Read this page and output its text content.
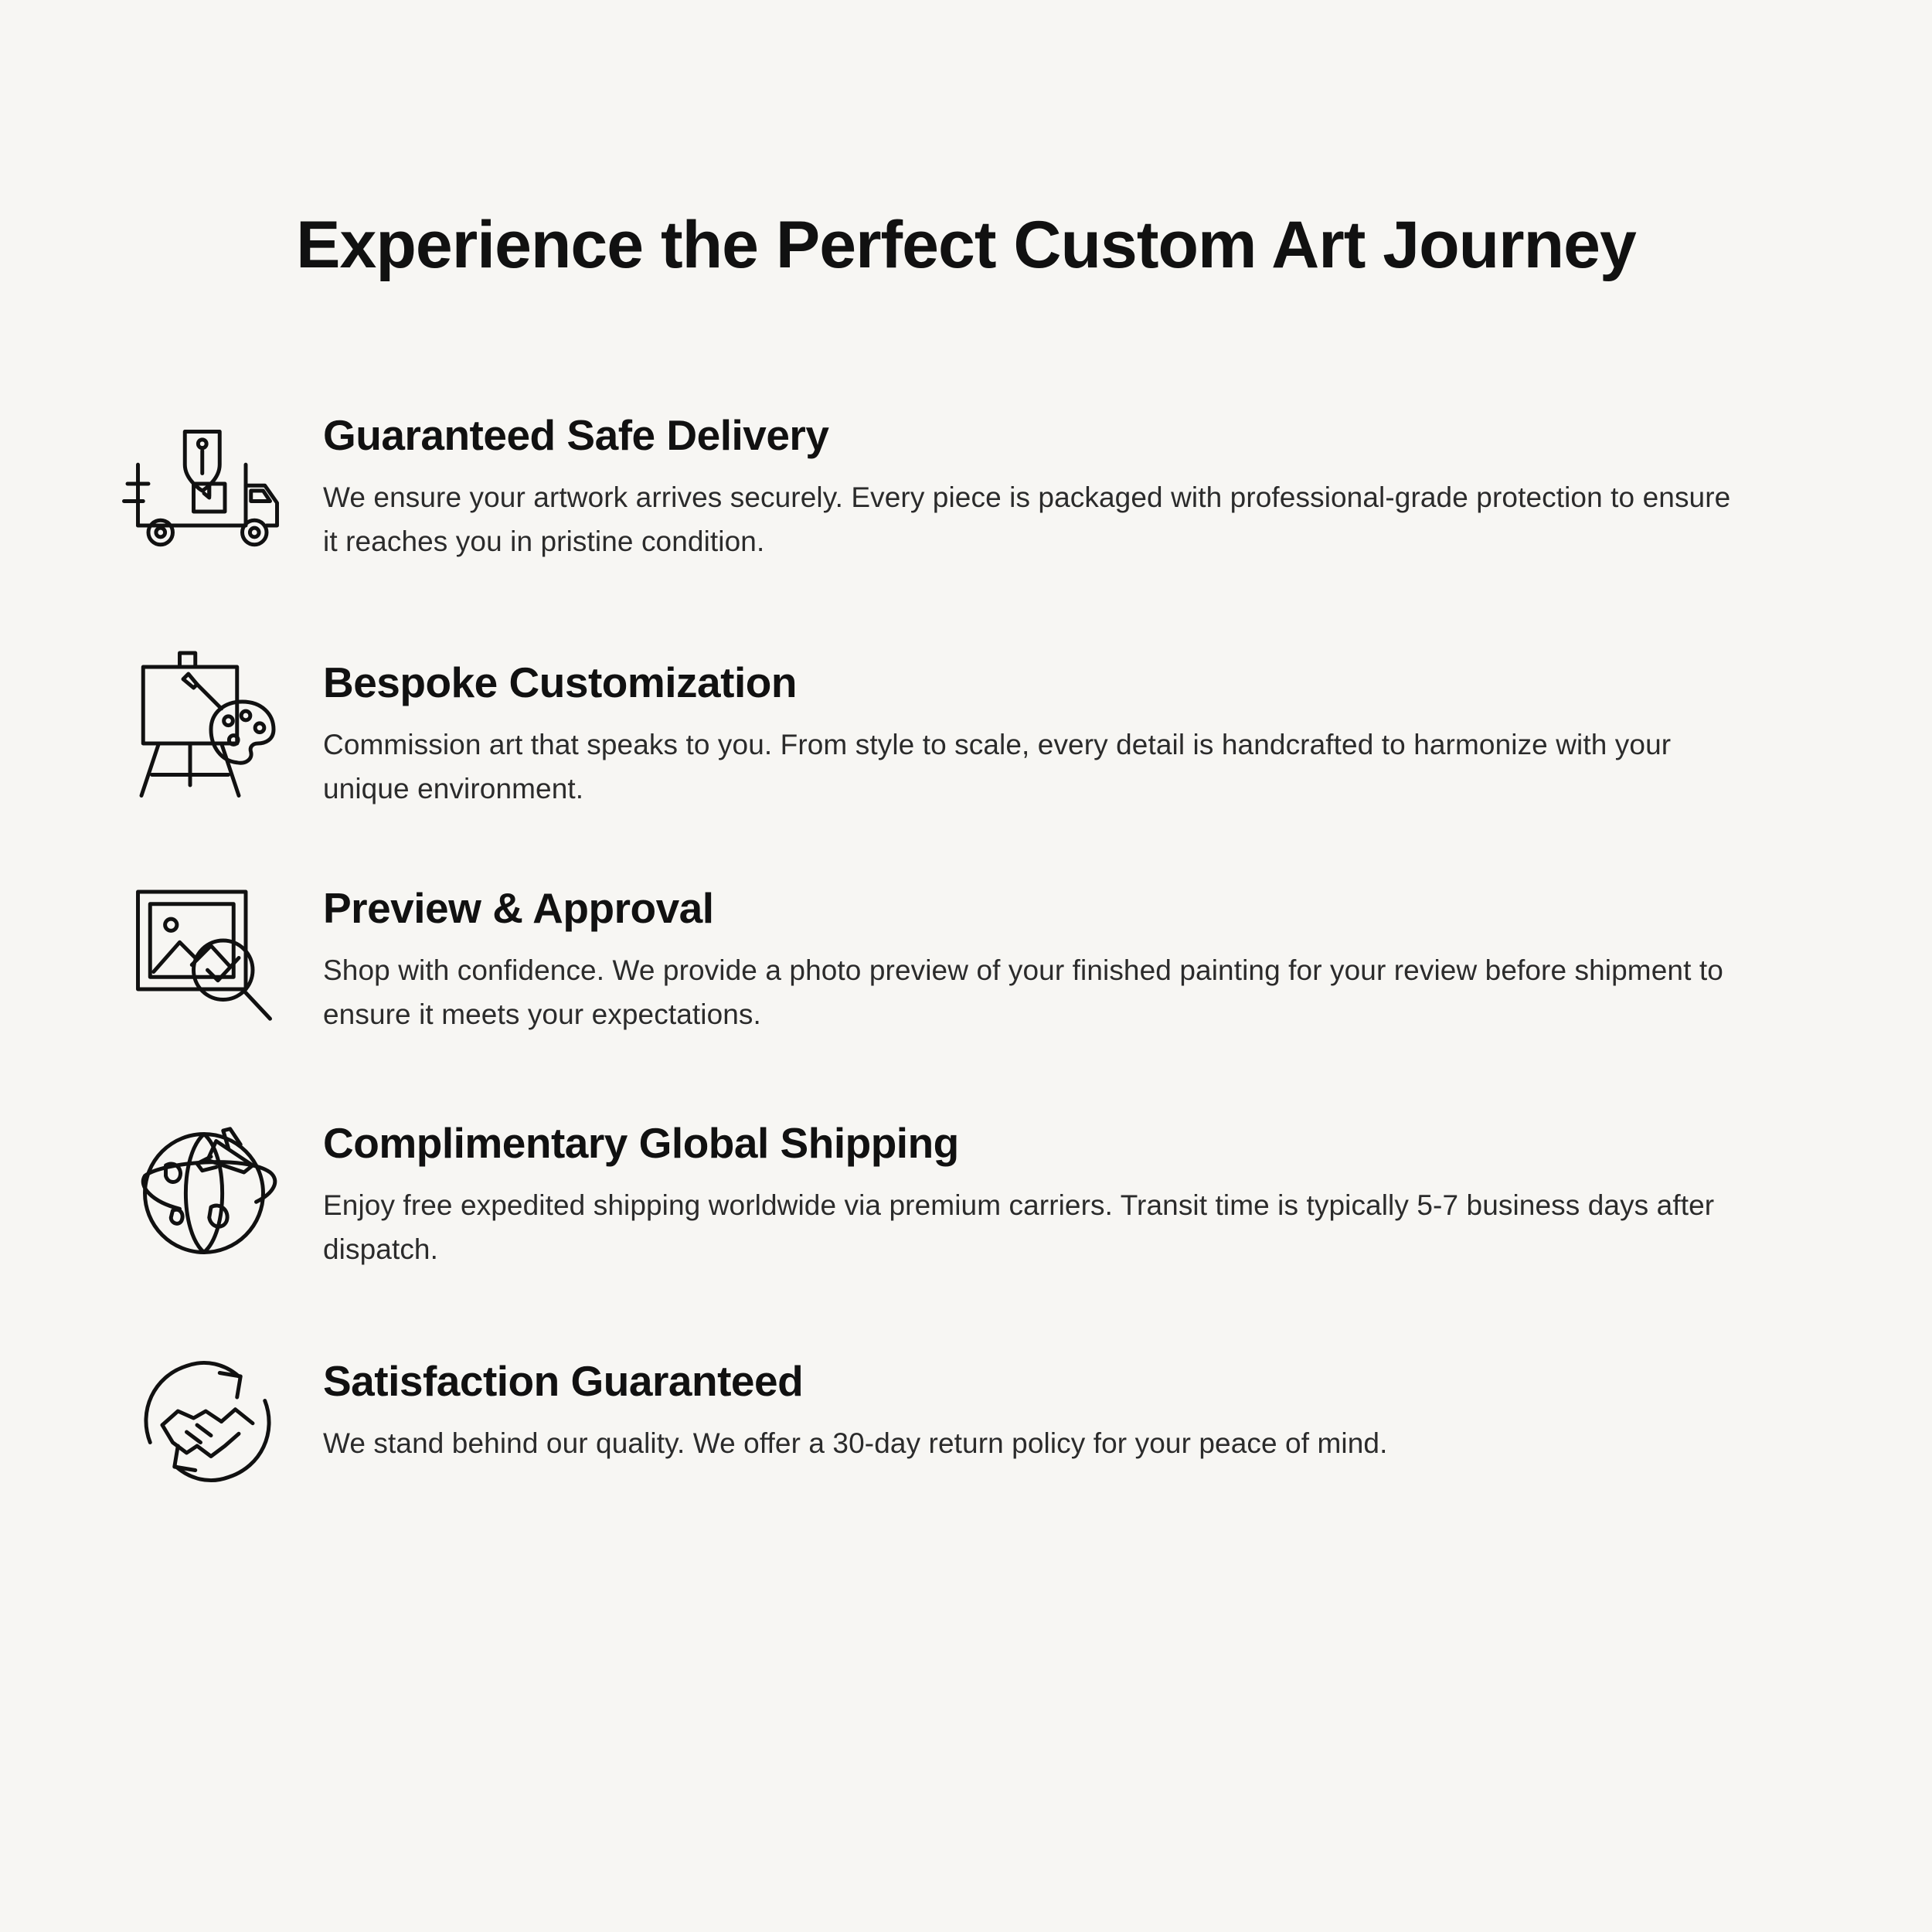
Experience the Perfect Custom Art Journey
Guaranteed Safe Delivery

We ensure your artwork arrives securely. Every piece is packaged with professional-grade protection to ensure it reaches you in pristine condition.

Bespoke Customization

Commission art that speaks to you. From style to scale, every detail is handcrafted to harmonize with your unique environment.

Preview & Approval

Shop with confidence. We provide a photo preview of your finished painting for your review before shipment to ensure it meets your expectations.

Complimentary Global Shipping

Enjoy free expedited shipping worldwide via premium carriers. Transit time is typically 5-7 business days after dispatch.

Satisfaction Guaranteed

We stand behind our quality. We offer a 30-day return policy for your peace of mind.
